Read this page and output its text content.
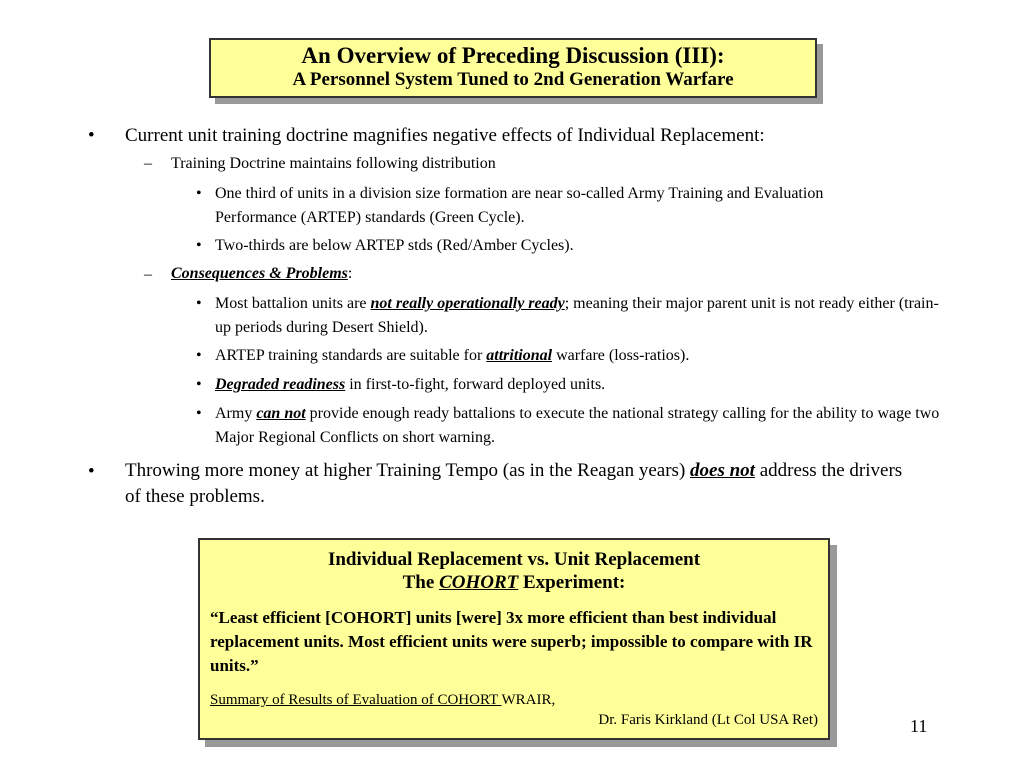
An Overview of Preceding Discussion (III):
A Personnel System Tuned to 2nd Generation Warfare
• Current unit training doctrine magnifies negative effects of Individual Replacement:
– Training Doctrine maintains following distribution
• One third of units in a division size formation are near so-called Army Training and Evaluation Performance (ARTEP) standards (Green Cycle).
• Two-thirds are below ARTEP stds (Red/Amber Cycles).
– Consequences & Problems:
• Most battalion units are not really operationally ready; meaning their major parent unit is not ready either (train-up periods during Desert Shield).
• ARTEP training standards are suitable for attritional warfare (loss-ratios).
• Degraded readiness in first-to-fight, forward deployed units.
• Army can not provide enough ready battalions to execute the national strategy calling for the ability to wage two Major Regional Conflicts on short warning.
• Throwing more money at higher Training Tempo (as in the Reagan years) does not address the drivers of these problems.
Individual Replacement vs. Unit Replacement
The COHORT Experiment:
“Least efficient [COHORT] units [were] 3x more efficient than best individual replacement units. Most efficient units were superb; impossible to compare with IR units.”
Summary of Results of Evaluation of COHORT WRAIR,
Dr. Faris Kirkland (Lt Col USA Ret)	11
